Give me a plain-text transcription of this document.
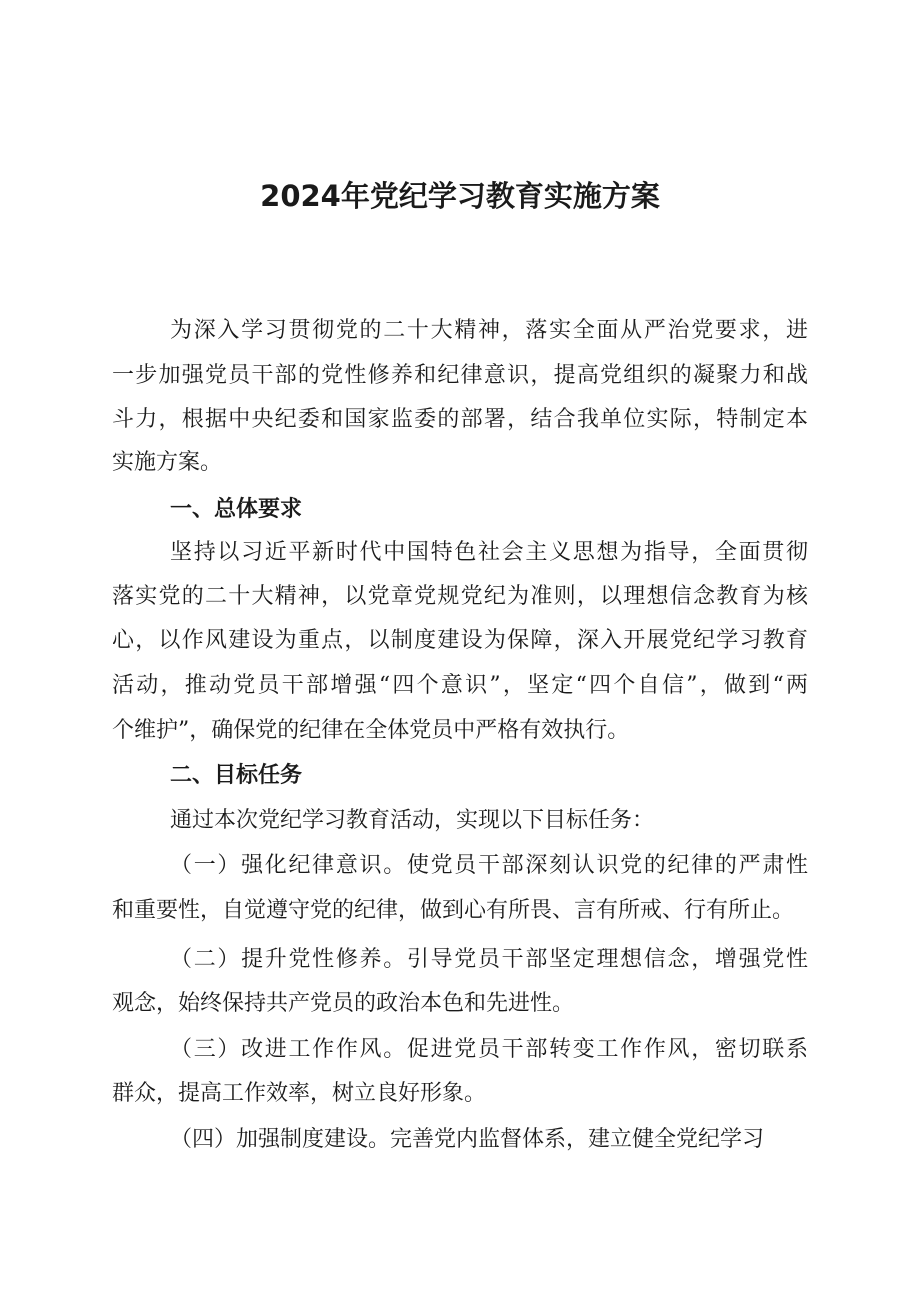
2024年党纪学习教育实施方案
为深入学习贯彻党的二十大精神，落实全面从严治党要求，进
一步加强党员干部的党性修养和纪律意识，提高党组织的凝聚力和战
斗力，根据中央纪委和国家监委的部署，结合我单位实际，特制定本
实施方案。
一、总体要求
坚持以习近平新时代中国特色社会主义思想为指导，全面贯彻
落实党的二十大精神，以党章党规党纪为准则，以理想信念教育为核
心，以作风建设为重点，以制度建设为保障，深入开展党纪学习教育
活动，推动党员干部增强“四个意识”，坚定“四个自信”，做到“两
个维护”，确保党的纪律在全体党员中严格有效执行。
二、目标任务
通过本次党纪学习教育活动，实现以下目标任务：
（一）强化纪律意识。使党员干部深刻认识党的纪律的严肃性
和重要性，自觉遵守党的纪律，做到心有所畏、言有所戒、行有所止。
（二）提升党性修养。引导党员干部坚定理想信念，增强党性
观念，始终保持共产党员的政治本色和先进性。
（三）改进工作作风。促进党员干部转变工作作风，密切联系
群众，提高工作效率，树立良好形象。
（四）加强制度建设。完善党内监督体系，建立健全党纪学习
